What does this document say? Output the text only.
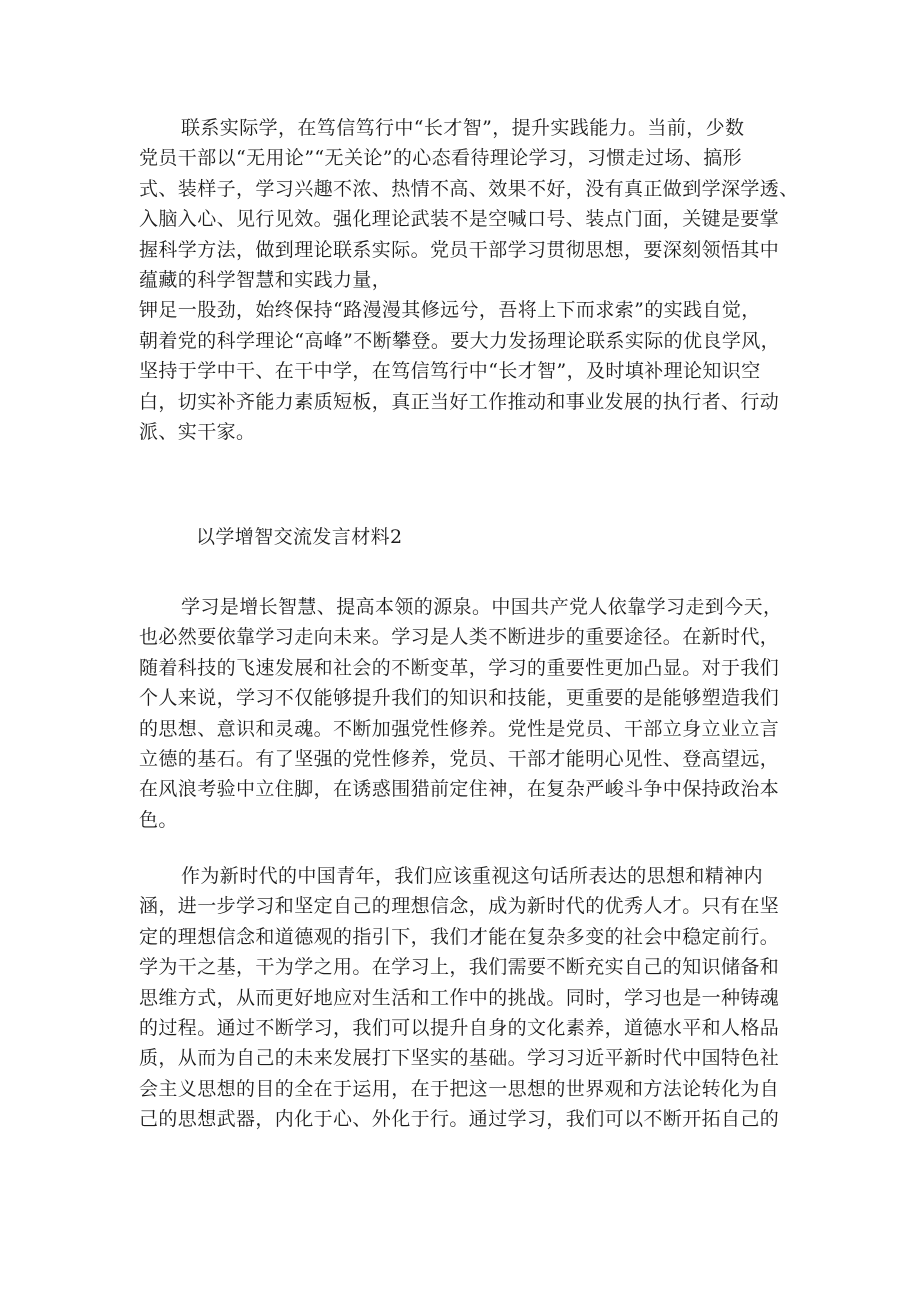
联系实际学，在笃信笃行中“长才智”，提升实践能力。当前，少数
党员干部以“无用论”“无关论”的心态看待理论学习，习惯走过场、搞形
式、装样子，学习兴趣不浓、热情不高、效果不好，没有真正做到学深学透、
入脑入心、见行见效。强化理论武装不是空喊口号、装点门面，关键是要掌
握科学方法，做到理论联系实际。党员干部学习贯彻思想，要深刻领悟其中
蕴藏的科学智慧和实践力量，
钾足一股劲，始终保持“路漫漫其修远兮，吾将上下而求索”的实践自觉，
朝着党的科学理论“高峰”不断攀登。要大力发扬理论联系实际的优良学风，
坚持于学中干、在干中学，在笃信笃行中“长才智”，及时填补理论知识空
白，切实补齐能力素质短板，真正当好工作推动和事业发展的执行者、行动
派、实干家。
以学增智交流发言材料2
学习是增长智慧、提高本领的源泉。中国共产党人依靠学习走到今天，
也必然要依靠学习走向未来。学习是人类不断进步的重要途径。在新时代，
随着科技的飞速发展和社会的不断变革，学习的重要性更加凸显。对于我们
个人来说，学习不仅能够提升我们的知识和技能，更重要的是能够塑造我们
的思想、意识和灵魂。不断加强党性修养。党性是党员、干部立身立业立言
立德的基石。有了坚强的党性修养，党员、干部才能明心见性、登高望远，
在风浪考验中立住脚，在诱惑围猎前定住神，在复杂严峻斗争中保持政治本
色。
作为新时代的中国青年，我们应该重视这句话所表达的思想和精神内
涵，进一步学习和坚定自己的理想信念，成为新时代的优秀人才。只有在坚
定的理想信念和道德观的指引下，我们才能在复杂多变的社会中稳定前行。
学为干之基，干为学之用。在学习上，我们需要不断充实自己的知识储备和
思维方式，从而更好地应对生活和工作中的挑战。同时，学习也是一种铸魂
的过程。通过不断学习，我们可以提升自身的文化素养，道德水平和人格品
质，从而为自己的未来发展打下坚实的基础。学习习近平新时代中国特色社
会主义思想的目的全在于运用，在于把这一思想的世界观和方法论转化为自
己的思想武器，内化于心、外化于行。通过学习，我们可以不断开拓自己的
